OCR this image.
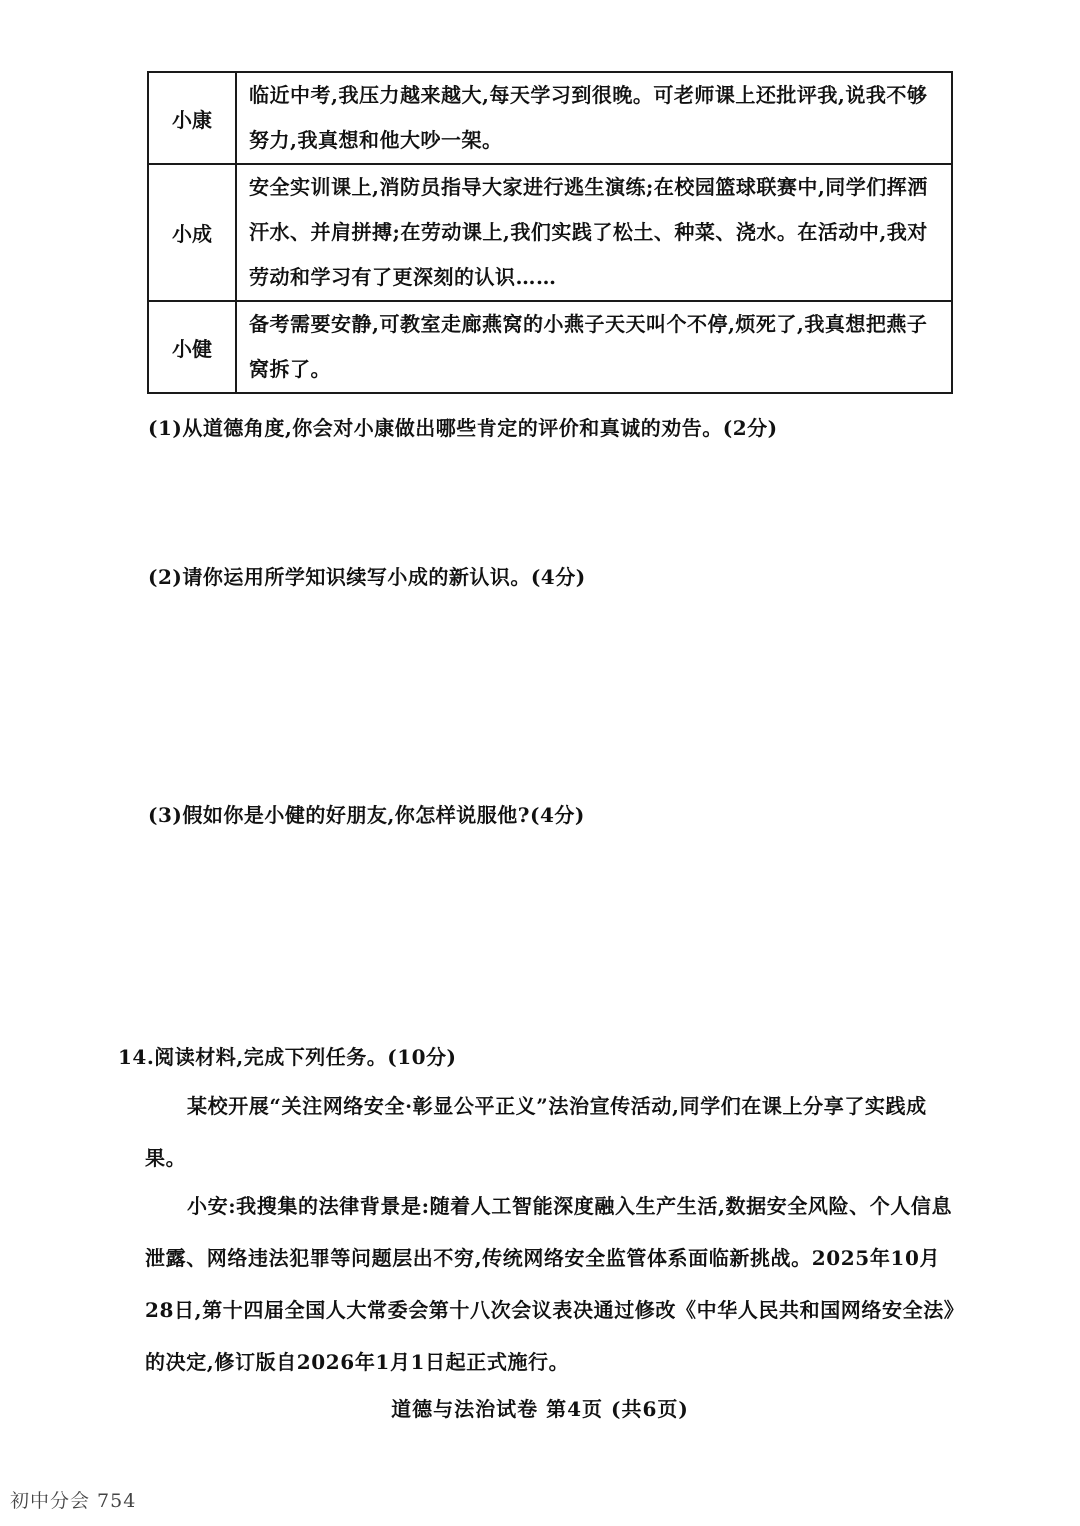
小康	临近中考,我压力越来越大,每天学习到很晚。可老师课上还批评我,说我不够努力,我真想和他大吵一架。
小成	安全实训课上,消防员指导大家进行逃生演练;在校园篮球联赛中,同学们挥洒汗水、并肩拼搏;在劳动课上,我们实践了松土、种菜、浇水。在活动中,我对劳动和学习有了更深刻的认识……
小健	备考需要安静,可教室走廊燕窝的小燕子天天叫个不停,烦死了,我真想把燕子窝拆了。
(1)从道德角度,你会对小康做出哪些肯定的评价和真诚的劝告。(2分)
(2)请你运用所学知识续写小成的新认识。(4分)
(3)假如你是小健的好朋友,你怎样说服他?(4分)
14.阅读材料,完成下列任务。(10分)

某校开展“关注网络安全·彰显公平正义”法治宣传活动,同学们在课上分享了实践成果。

小安:我搜集的法律背景是:随着人工智能深度融入生产生活,数据安全风险、个人信息泄露、网络违法犯罪等问题层出不穷,传统网络安全监管体系面临新挑战。2025年10月28日,第十四届全国人大常委会第十八次会议表决通过修改《中华人民共和国网络安全法》的决定,修订版自2026年1月1日起正式施行。

道德与法治试卷 第4页 (共6页)
初中分会 754
